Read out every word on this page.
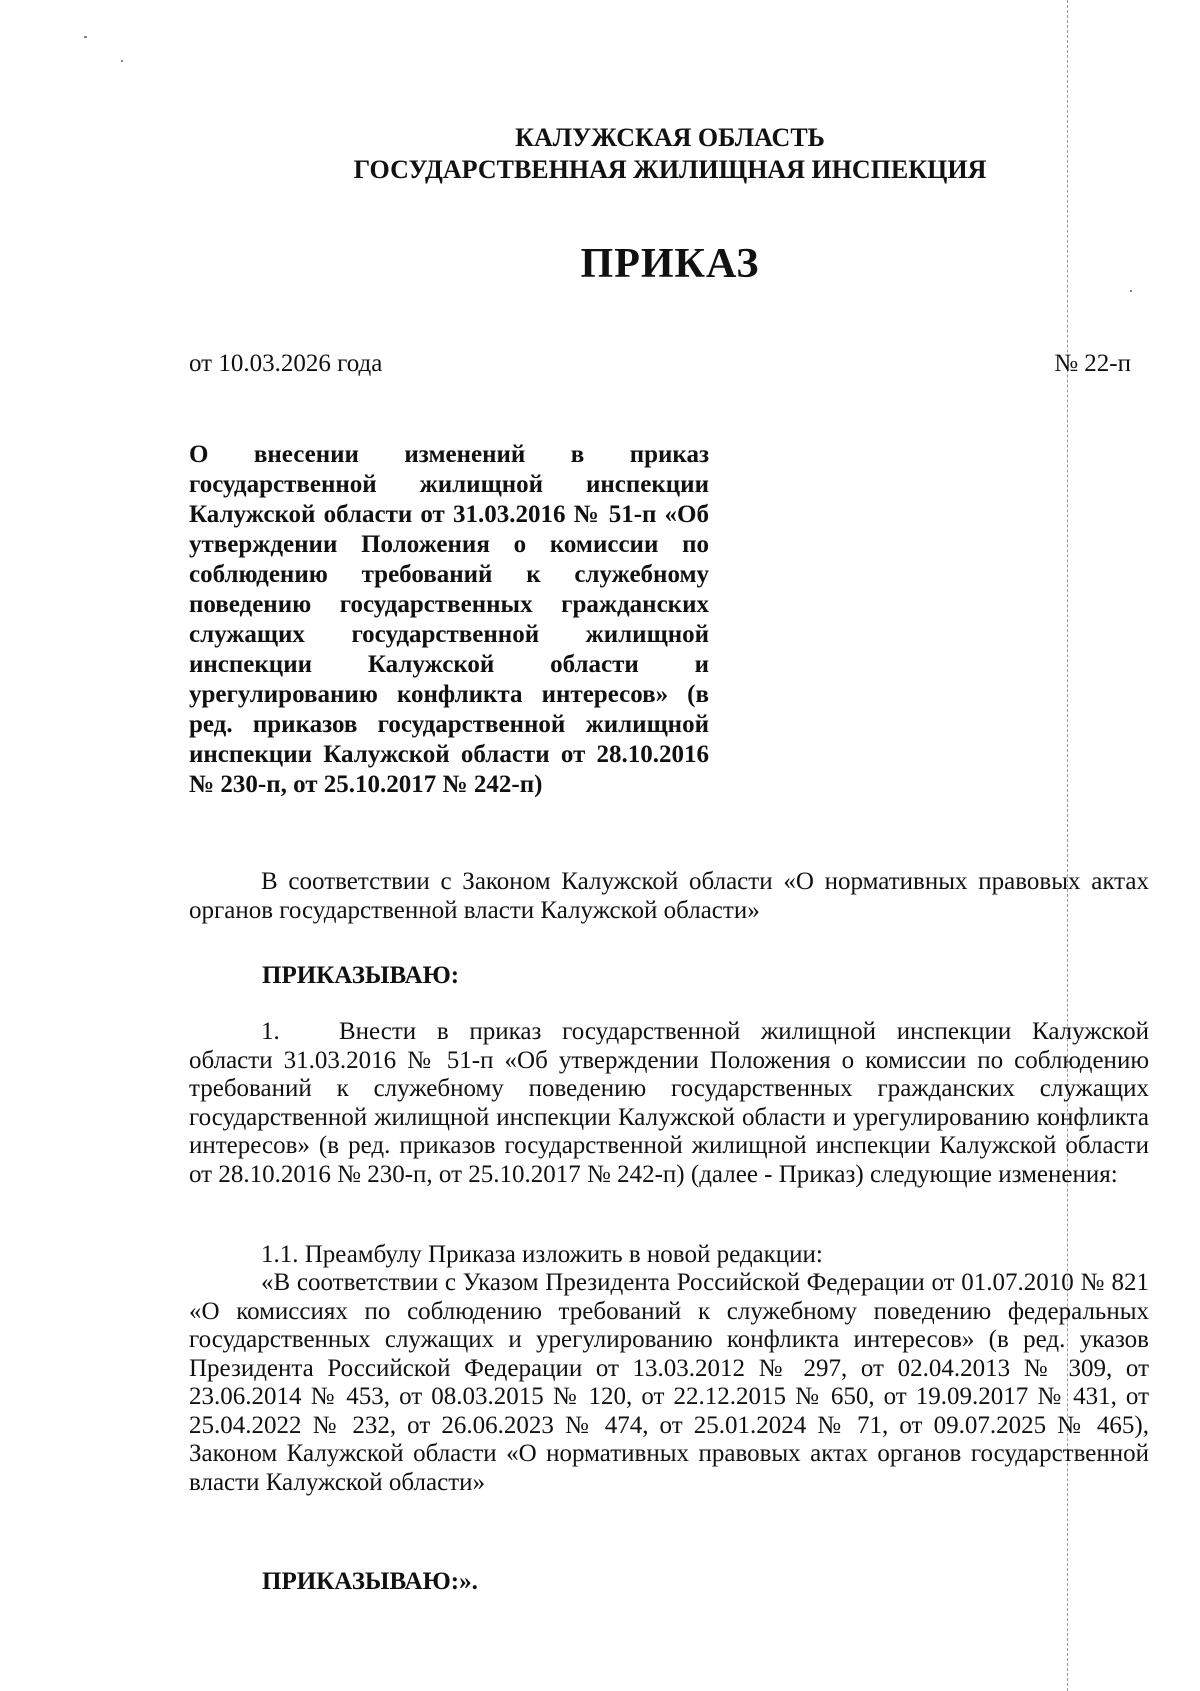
КАЛУЖСКАЯ ОБЛАСТЬ
ГОСУДАРСТВЕННАЯ ЖИЛИЩНАЯ ИНСПЕКЦИЯ
ПРИКАЗ
от 10.03.2026 года	№ 22-п
О внесении изменений в приказ государственной жилищной инспекции Калужской области от 31.03.2016 № 51-п «Об утверждении Положения о комиссии по соблюдению требований к служебному поведению государственных гражданских служащих государственной жилищной инспекции Калужской области и урегулированию конфликта интересов» (в ред. приказов государственной жилищной инспекции Калужской области от 28.10.2016 № 230-п, от 25.10.2017 № 242-п)
В соответствии с Законом Калужской области «О нормативных правовых актах органов государственной власти Калужской области»
ПРИКАЗЫВАЮ:
1. Внести в приказ государственной жилищной инспекции Калужской области 31.03.2016 № 51-п «Об утверждении Положения о комиссии по соблюдению требований к служебному поведению государственных гражданских служащих государственной жилищной инспекции Калужской области и урегулированию конфликта интересов» (в ред. приказов государственной жилищной инспекции Калужской области от 28.10.2016 № 230-п, от 25.10.2017 № 242-п) (далее - Приказ) следующие изменения:
1.1. Преамбулу Приказа изложить в новой редакции:
«В соответствии с Указом Президента Российской Федерации от 01.07.2010 № 821 «О комиссиях по соблюдению требований к служебному поведению федеральных государственных служащих и урегулированию конфликта интересов» (в ред. указов Президента Российской Федерации от 13.03.2012 № 297, от 02.04.2013 № 309, от 23.06.2014 № 453, от 08.03.2015 № 120, от 22.12.2015 № 650, от 19.09.2017 № 431, от 25.04.2022 № 232, от 26.06.2023 № 474, от 25.01.2024 № 71, от 09.07.2025 № 465), Законом Калужской области «О нормативных правовых актах органов государственной власти Калужской области»
ПРИКАЗЫВАЮ:».
